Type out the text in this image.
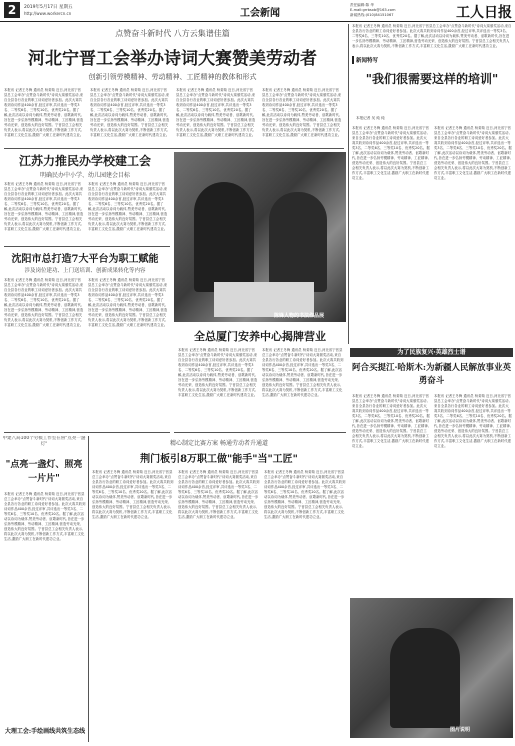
2	2019年5月17日 星期五
http://www.workercn.cn	工会新闻
责任编辑:陈 华
E-mail:grrbsxb@163.com
新闻热线:(010)84151067	工人日报
点赞奋斗新时代 八方云集谱佳篇
河北宁晋工会举办诗词大赛赞美劳动者
创新引领劳模精神、劳动精神、工匠精神的教体和形式
本报讯 记者王冬梅 通讯员 杨菊菊 近日,河北省宁晋县总工会举办"点赞奋斗新时代"诗词大赛颁奖活动,来自全县各行各业的职工诗词爱好者参加。此次大赛共收到诗词作品400余首,经过评审,共评选出一等奖3名、二等奖6名、三等奖10名、优秀奖20名。据了解,此次活动以诗词为载体,赞美劳动者、讴歌新时代,旨在进一步弘扬劳模精神、劳动精神、工匠精神,营造劳动光荣、创造伟大的良好氛围。宁晋县总工会相关负责人表示,将以此次大赛为契机,不断创新工作方式,丰富职工文化生活,激励广大职工在新时代建功立业。
本报讯 记者王冬梅 通讯员 杨菊菊 近日,河北省宁晋县总工会举办"点赞奋斗新时代"诗词大赛颁奖活动,来自全县各行各业的职工诗词爱好者参加。此次大赛共收到诗词作品400余首,经过评审,共评选出一等奖3名、二等奖6名、三等奖10名、优秀奖20名。据了解,此次活动以诗词为载体,赞美劳动者、讴歌新时代,旨在进一步弘扬劳模精神、劳动精神、工匠精神,营造劳动光荣、创造伟大的良好氛围。宁晋县总工会相关负责人表示,将以此次大赛为契机,不断创新工作方式,丰富职工文化生活,激励广大职工在新时代建功立业。
本报讯 记者王冬梅 通讯员 杨菊菊 近日,河北省宁晋县总工会举办"点赞奋斗新时代"诗词大赛颁奖活动,来自全县各行各业的职工诗词爱好者参加。此次大赛共收到诗词作品400余首,经过评审,共评选出一等奖3名、二等奖6名、三等奖10名、优秀奖20名。据了解,此次活动以诗词为载体,赞美劳动者、讴歌新时代,旨在进一步弘扬劳模精神、劳动精神、工匠精神,营造劳动光荣、创造伟大的良好氛围。宁晋县总工会相关负责人表示,将以此次大赛为契机,不断创新工作方式,丰富职工文化生活,激励广大职工在新时代建功立业。
本报讯 记者王冬梅 通讯员 杨菊菊 近日,河北省宁晋县总工会举办"点赞奋斗新时代"诗词大赛颁奖活动,来自全县各行各业的职工诗词爱好者参加。此次大赛共收到诗词作品400余首,经过评审,共评选出一等奖3名、二等奖6名、三等奖10名、优秀奖20名。据了解,此次活动以诗词为载体,赞美劳动者、讴歌新时代,旨在进一步弘扬劳模精神、劳动精神、工匠精神,营造劳动光荣、创造伟大的良好氛围。宁晋县总工会相关负责人表示,将以此次大赛为契机,不断创新工作方式,丰富职工文化生活,激励广大职工在新时代建功立业。
江苏力推民办学校建工会
明确民办中小学、幼儿园建会目标
本报讯 记者王冬梅 通讯员 杨菊菊 近日,河北省宁晋县总工会举办"点赞奋斗新时代"诗词大赛颁奖活动,来自全县各行各业的职工诗词爱好者参加。此次大赛共收到诗词作品400余首,经过评审,共评选出一等奖3名、二等奖6名、三等奖10名、优秀奖20名。据了解,此次活动以诗词为载体,赞美劳动者、讴歌新时代,旨在进一步弘扬劳模精神、劳动精神、工匠精神,营造劳动光荣、创造伟大的良好氛围。宁晋县总工会相关负责人表示,将以此次大赛为契机,不断创新工作方式,丰富职工文化生活,激励广大职工在新时代建功立业。
本报讯 记者王冬梅 通讯员 杨菊菊 近日,河北省宁晋县总工会举办"点赞奋斗新时代"诗词大赛颁奖活动,来自全县各行各业的职工诗词爱好者参加。此次大赛共收到诗词作品400余首,经过评审,共评选出一等奖3名、二等奖6名、三等奖10名、优秀奖20名。据了解,此次活动以诗词为载体,赞美劳动者、讴歌新时代,旨在进一步弘扬劳模精神、劳动精神、工匠精神,营造劳动光荣、创造伟大的良好氛围。宁晋县总工会相关负责人表示,将以此次大赛为契机,不断创新工作方式,丰富职工文化生活,激励广大职工在新时代建功立业。
沈阳市总打造7大平台为职工赋能
涉及岗位建功、上门送培训、创新成果转化等内容
本报讯 记者王冬梅 通讯员 杨菊菊 近日,河北省宁晋县总工会举办"点赞奋斗新时代"诗词大赛颁奖活动,来自全县各行各业的职工诗词爱好者参加。此次大赛共收到诗词作品400余首,经过评审,共评选出一等奖3名、二等奖6名、三等奖10名、优秀奖20名。据了解,此次活动以诗词为载体,赞美劳动者、讴歌新时代,旨在进一步弘扬劳模精神、劳动精神、工匠精神,营造劳动光荣、创造伟大的良好氛围。宁晋县总工会相关负责人表示,将以此次大赛为契机,不断创新工作方式,丰富职工文化生活,激励广大职工在新时代建功立业。
本报讯 记者王冬梅 通讯员 杨菊菊 近日,河北省宁晋县总工会举办"点赞奋斗新时代"诗词大赛颁奖活动,来自全县各行各业的职工诗词爱好者参加。此次大赛共收到诗词作品400余首,经过评审,共评选出一等奖3名、二等奖6名、三等奖10名、优秀奖20名。据了解,此次活动以诗词为载体,赞美劳动者、讴歌新时代,旨在进一步弘扬劳模精神、劳动精神、工匠精神,营造劳动光荣、创造伟大的良好氛围。宁晋县总工会相关负责人表示,将以此次大赛为契机,不断创新工作方式,丰富职工文化生活,激励广大职工在新时代建功立业。
陈锋人物的书法作品展
全总厦门安养中心揭牌营业
本报讯 记者王冬梅 通讯员 杨菊菊 近日,河北省宁晋县总工会举办"点赞奋斗新时代"诗词大赛颁奖活动,来自全县各行各业的职工诗词爱好者参加。此次大赛共收到诗词作品400余首,经过评审,共评选出一等奖3名、二等奖6名、三等奖10名、优秀奖20名。据了解,此次活动以诗词为载体,赞美劳动者、讴歌新时代,旨在进一步弘扬劳模精神、劳动精神、工匠精神,营造劳动光荣、创造伟大的良好氛围。宁晋县总工会相关负责人表示,将以此次大赛为契机,不断创新工作方式,丰富职工文化生活,激励广大职工在新时代建功立业。
本报讯 记者王冬梅 通讯员 杨菊菊 近日,河北省宁晋县总工会举办"点赞奋斗新时代"诗词大赛颁奖活动,来自全县各行各业的职工诗词爱好者参加。此次大赛共收到诗词作品400余首,经过评审,共评选出一等奖3名、二等奖6名、三等奖10名、优秀奖20名。据了解,此次活动以诗词为载体,赞美劳动者、讴歌新时代,旨在进一步弘扬劳模精神、劳动精神、工匠精神,营造劳动光荣、创造伟大的良好氛围。宁晋县总工会相关负责人表示,将以此次大赛为契机,不断创新工作方式,丰富职工文化生活,激励广大职工在新时代建功立业。
本报讯 记者王冬梅 通讯员 杨菊菊 近日,河北省宁晋县总工会举办"点赞奋斗新时代"诗词大赛颁奖活动,来自全县各行各业的职工诗词爱好者参加。此次大赛共收到诗词作品400余首,经过评审,共评选出一等奖3名、二等奖6名、三等奖10名、优秀奖20名。据了解,此次活动以诗词为载体,赞美劳动者、讴歌新时代,旨在进一步弘扬劳模精神、劳动精神、工匠精神,营造劳动光荣、创造伟大的良好氛围。宁晋县总工会相关负责人表示,将以此次大赛为契机,不断创新工作方式,丰富职工文化生活,激励广大职工在新时代建功立业。
新闻特写
"我们很需要这样的培训"
本报记者 吴 纯 纯
本报讯 记者王冬梅 通讯员 杨菊菊 近日,河北省宁晋县总工会举办"点赞奋斗新时代"诗词大赛颁奖活动,来自全县各行各业的职工诗词爱好者参加。此次大赛共收到诗词作品400余首,经过评审,共评选出一等奖3名、二等奖6名、三等奖10名、优秀奖20名。据了解,此次活动以诗词为载体,赞美劳动者、讴歌新时代,旨在进一步弘扬劳模精神、劳动精神、工匠精神,营造劳动光荣、创造伟大的良好氛围。宁晋县总工会相关负责人表示,将以此次大赛为契机,不断创新工作方式,丰富职工文化生活,激励广大职工在新时代建功立业。
本报讯 记者王冬梅 通讯员 杨菊菊 近日,河北省宁晋县总工会举办"点赞奋斗新时代"诗词大赛颁奖活动,来自全县各行各业的职工诗词爱好者参加。此次大赛共收到诗词作品400余首,经过评审,共评选出一等奖3名、二等奖6名、三等奖10名、优秀奖20名。据了解,此次活动以诗词为载体,赞美劳动者、讴歌新时代,旨在进一步弘扬劳模精神、劳动精神、工匠精神,营造劳动光荣、创造伟大的良好氛围。宁晋县总工会相关负责人表示,将以此次大赛为契机,不断创新工作方式,丰富职工文化生活,激励广大职工在新时代建功立业。
为了民族复兴·英雄烈士谱
阿合买提江·哈斯木:为新疆人民解放事业英勇奋斗
本报讯 记者王冬梅 通讯员 杨菊菊 近日,河北省宁晋县总工会举办"点赞奋斗新时代"诗词大赛颁奖活动,来自全县各行各业的职工诗词爱好者参加。此次大赛共收到诗词作品400余首,经过评审,共评选出一等奖3名、二等奖6名、三等奖10名、优秀奖20名。据了解,此次活动以诗词为载体,赞美劳动者、讴歌新时代,旨在进一步弘扬劳模精神、劳动精神、工匠精神,营造劳动光荣、创造伟大的良好氛围。宁晋县总工会相关负责人表示,将以此次大赛为契机,不断创新工作方式,丰富职工文化生活,激励广大职工在新时代建功立业。
本报讯 记者王冬梅 通讯员 杨菊菊 近日,河北省宁晋县总工会举办"点赞奋斗新时代"诗词大赛颁奖活动,来自全县各行各业的职工诗词爱好者参加。此次大赛共收到诗词作品400余首,经过评审,共评选出一等奖3名、二等奖6名、三等奖10名、优秀奖20名。据了解,此次活动以诗词为载体,赞美劳动者、讴歌新时代,旨在进一步弘扬劳模精神、劳动精神、工匠精神,营造劳动光荣、创造伟大的良好氛围。宁晋县总工会相关负责人表示,将以此次大赛为契机,不断创新工作方式,丰富职工文化生活,激励广大职工在新时代建功立业。
图片说明
精心制定比赛方案 畅通劳动者升通道
荆门板引8万职工做"能手"当"工匠"
本报讯 记者王冬梅 通讯员 杨菊菊 近日,河北省宁晋县总工会举办"点赞奋斗新时代"诗词大赛颁奖活动,来自全县各行各业的职工诗词爱好者参加。此次大赛共收到诗词作品400余首,经过评审,共评选出一等奖3名、二等奖6名、三等奖10名、优秀奖20名。据了解,此次活动以诗词为载体,赞美劳动者、讴歌新时代,旨在进一步弘扬劳模精神、劳动精神、工匠精神,营造劳动光荣、创造伟大的良好氛围。宁晋县总工会相关负责人表示,将以此次大赛为契机,不断创新工作方式,丰富职工文化生活,激励广大职工在新时代建功立业。
本报讯 记者王冬梅 通讯员 杨菊菊 近日,河北省宁晋县总工会举办"点赞奋斗新时代"诗词大赛颁奖活动,来自全县各行各业的职工诗词爱好者参加。此次大赛共收到诗词作品400余首,经过评审,共评选出一等奖3名、二等奖6名、三等奖10名、优秀奖20名。据了解,此次活动以诗词为载体,赞美劳动者、讴歌新时代,旨在进一步弘扬劳模精神、劳动精神、工匠精神,营造劳动光荣、创造伟大的良好氛围。宁晋县总工会相关负责人表示,将以此次大赛为契机,不断创新工作方式,丰富职工文化生活,激励广大职工在新时代建功立业。
本报讯 记者王冬梅 通讯员 杨菊菊 近日,河北省宁晋县总工会举办"点赞奋斗新时代"诗词大赛颁奖活动,来自全县各行各业的职工诗词爱好者参加。此次大赛共收到诗词作品400余首,经过评审,共评选出一等奖3名、二等奖6名、三等奖10名、优秀奖20名。据了解,此次活动以诗词为载体,赞美劳动者、讴歌新时代,旨在进一步弘扬劳模精神、劳动精神、工匠精神,营造劳动光荣、创造伟大的良好氛围。宁晋县总工会相关负责人表示,将以此次大赛为契机,不断创新工作方式,丰富职工文化生活,激励广大职工在新时代建功立业。
中建八局100个劳模工作室在鲁"点亮一盏灯"
"点亮一盏灯、照亮一片片"
本报讯 记者王冬梅 通讯员 杨菊菊 近日,河北省宁晋县总工会举办"点赞奋斗新时代"诗词大赛颁奖活动,来自全县各行各业的职工诗词爱好者参加。此次大赛共收到诗词作品400余首,经过评审,共评选出一等奖3名、二等奖6名、三等奖10名、优秀奖20名。据了解,此次活动以诗词为载体,赞美劳动者、讴歌新时代,旨在进一步弘扬劳模精神、劳动精神、工匠精神,营造劳动光荣、创造伟大的良好氛围。宁晋县总工会相关负责人表示,将以此次大赛为契机,不断创新工作方式,丰富职工文化生活,激励广大职工在新时代建功立业。
大理工会:手绘画线共筑生态线
